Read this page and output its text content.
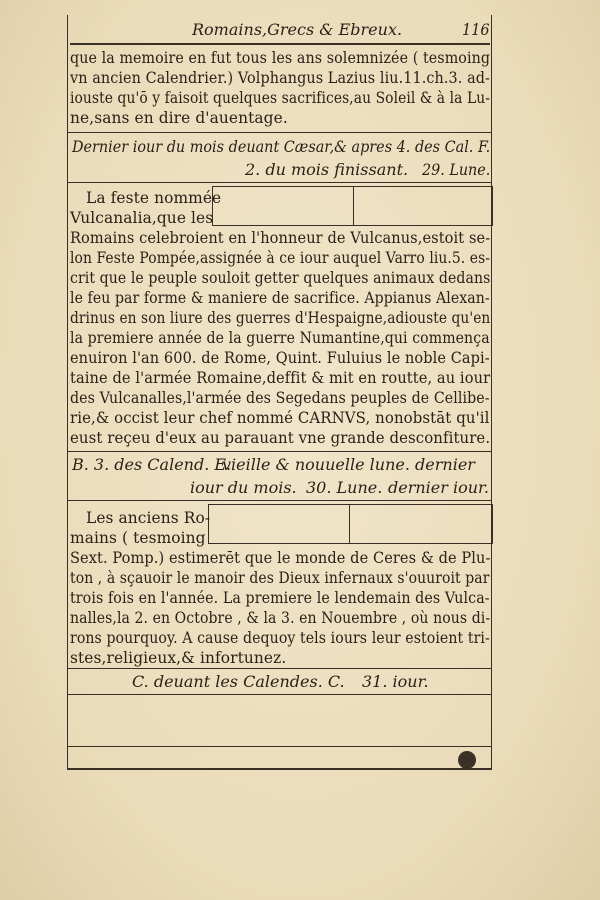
Romains,Grecs & Ebreux.	116
que la memoire en fut tous les ans solemnizée ( tesmoing
vn ancien Calendrier.) Volphangus Lazius liu.11.ch.3. ad-
iouste qu'ō y faisoit quelques sacrifices,au Soleil & à la Lu-
ne,sans en dire d'auentage.
Dernier iour du mois deuant Cæsar,& apres 4. des Cal. F.
2. du mois finissant. 29. Lune.
La feste nommée
Vulcanalia,que les
Romains celebroient en l'honneur de Vulcanus,estoit se-
lon Feste Pompée,assignée à ce iour auquel Varro liu.5. es-
crit que le peuple souloit getter quelques animaux dedans
le feu par forme & maniere de sacrifice. Appianus Alexan-
drinus en son liure des guerres d'Hespaigne,adiouste qu'en
la premiere année de la guerre Numantine,qui commença
enuiron l'an 600. de Rome, Quint. Fuluius le noble Capi-
taine de l'armée Romaine,deffit & mit en routte, au iour
des Vulcanalles,l'armée des Segedans peuples de Cellibe-
rie,& occist leur chef nommé CARNVS, nonobstāt qu'il
eust reçeu d'eux au parauant vne grande desconfiture.
B. 3. des Calend. E.
vieille & nouuelle lune. dernier
iour du mois. 30. Lune. dernier iour.
Les anciens Ro-
mains ( tesmoing
Sext. Pomp.) estimerēt que le monde de Ceres & de Plu-
ton , à sçauoir le manoir des Dieux infernaux s'ouuroit par
trois fois en l'année. La premiere le lendemain des Vulca-
nalles,la 2. en Octobre , & la 3. en Nouembre , où nous di-
rons pourquoy. A cause dequoy tels iours leur estoient tri-
stes,religieux,& infortunez.
C. deuant les Calendes. C. 31. iour.
